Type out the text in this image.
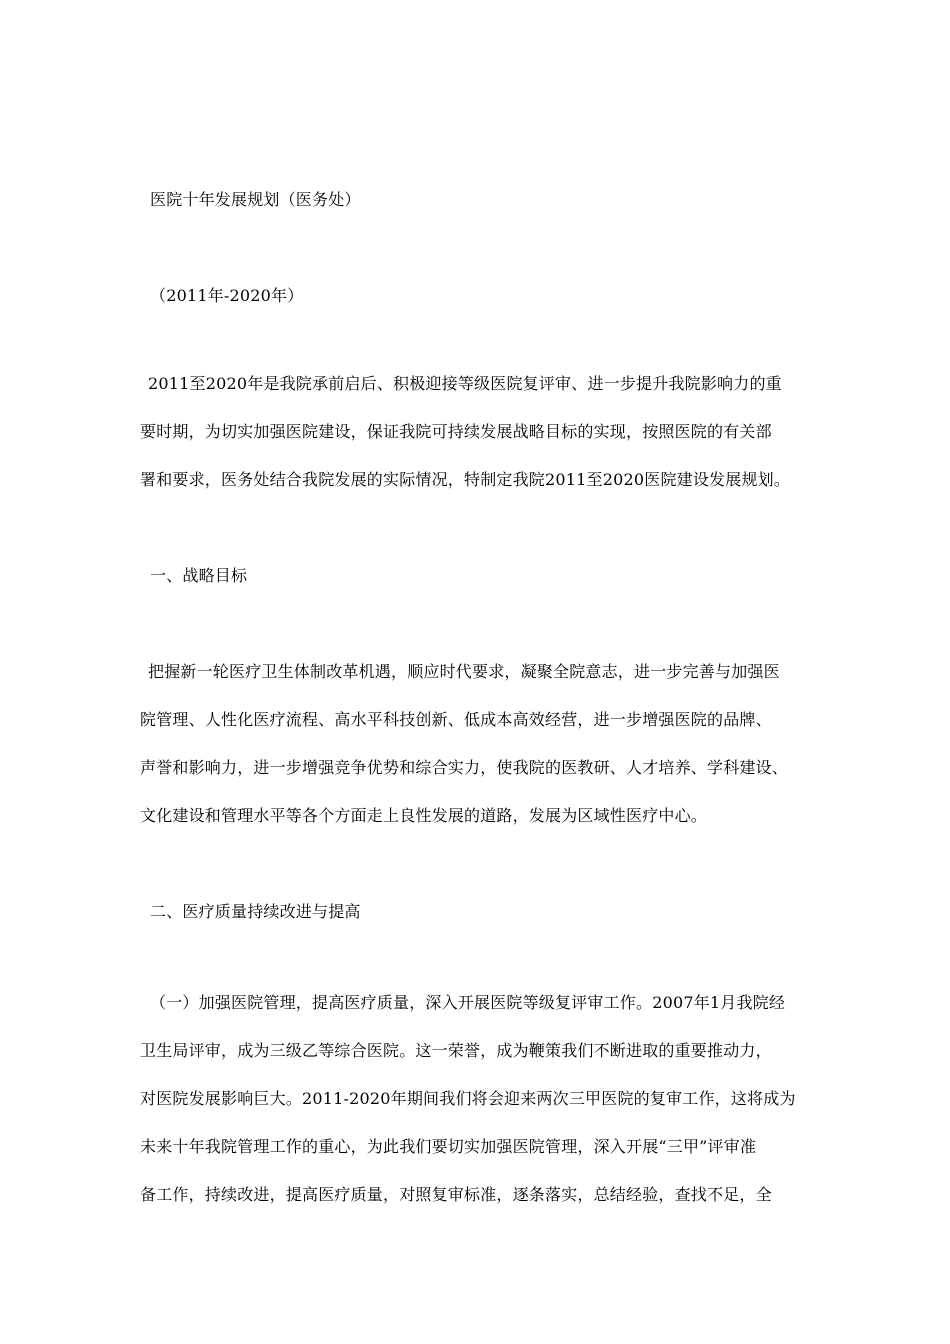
医院十年发展规划（医务处）
（2011年-2020年）
2011至2020年是我院承前启后、积极迎接等级医院复评审、进一步提升我院影响力的重
要时期，为切实加强医院建设，保证我院可持续发展战略目标的实现，按照医院的有关部
署和要求，医务处结合我院发展的实际情况，特制定我院2011至2020医院建设发展规划。
一、战略目标
把握新一轮医疗卫生体制改革机遇，顺应时代要求，凝聚全院意志，进一步完善与加强医
院管理、人性化医疗流程、高水平科技创新、低成本高效经营，进一步增强医院的品牌、
声誉和影响力，进一步增强竞争优势和综合实力，使我院的医教研、人才培养、学科建设、
文化建设和管理水平等各个方面走上良性发展的道路，发展为区域性医疗中心。
二、医疗质量持续改进与提高
（一）加强医院管理，提高医疗质量，深入开展医院等级复评审工作。2007年1月我院经
卫生局评审，成为三级乙等综合医院。这一荣誉，成为鞭策我们不断进取的重要推动力，
对医院发展影响巨大。2011-2020年期间我们将会迎来两次三甲医院的复审工作，这将成为
未来十年我院管理工作的重心，为此我们要切实加强医院管理，深入开展“三甲”评审准
备工作，持续改进，提高医疗质量，对照复审标准，逐条落实，总结经验，查找不足，全
